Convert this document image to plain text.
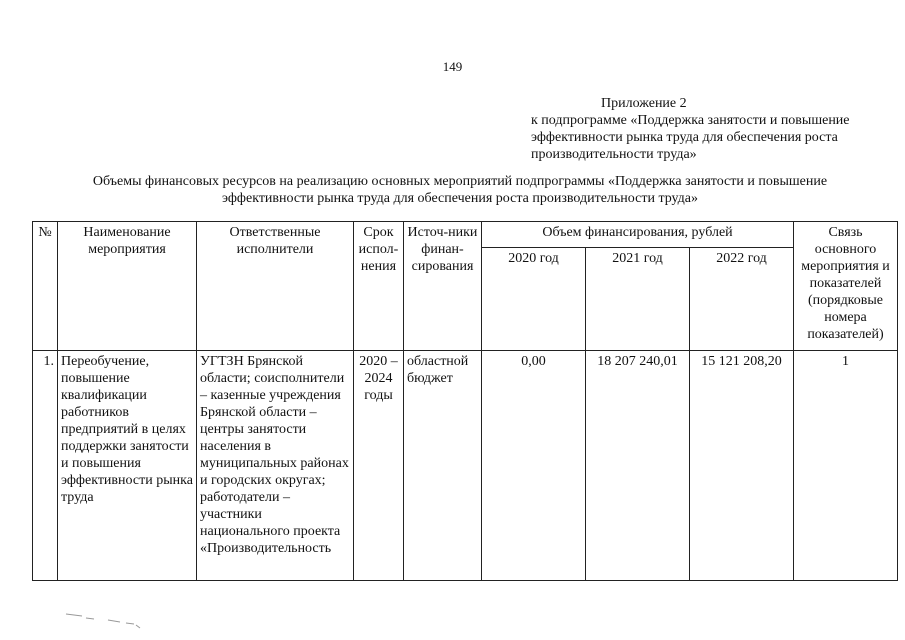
149
Приложение 2
к подпрограмме «Поддержка занятости и повышение
эффективности рынка труда для обеспечения роста
производительности труда»
Объемы финансовых ресурсов на реализацию основных мероприятий подпрограммы «Поддержка занятости и повышение
эффективности рынка труда для обеспечения роста производительности труда»
№	Наименование мероприятия	Ответственные исполнители	Срок испол-нения	Источ-ники финан-сирования	Объем финансирования, рублей			Связь основного мероприятия и показателей (порядковые номера показателей)
					2020 год	2021 год	2022 год	
1.	Переобучение, повышение квалификации работников предприятий в целях поддержки занятости и повышения эффективности рынка труда	УГТЗН Брянской области; соисполнители – казенные учреждения Брянской области – центры занятости населения в муниципальных районах и городских округах; работодатели – участники национального проекта «Производительность	2020 – 2024 годы	областной бюджет	0,00	18 207 240,01	15 121 208,20	1
